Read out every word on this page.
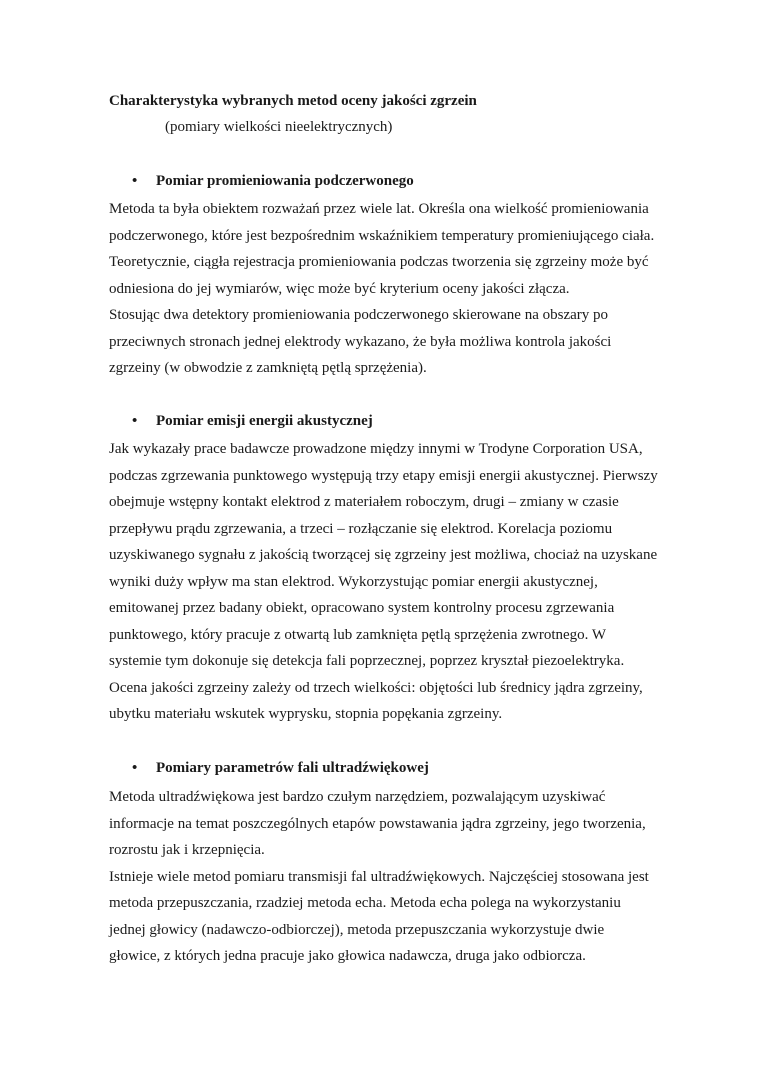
Charakterystyka wybranych metod oceny jakości zgrzein
(pomiary wielkości nieelektrycznych)
• Pomiar promieniowania podczerwonego
Metoda ta była obiektem rozważań przez wiele lat. Określa ona wielkość promieniowania
podczerwonego, które jest bezpośrednim wskaźnikiem temperatury promieniującego ciała.
Teoretycznie, ciągła rejestracja promieniowania podczas tworzenia się zgrzeiny może być
odniesiona do jej wymiarów, więc może być kryterium oceny jakości złącza.
Stosując dwa detektory promieniowania podczerwonego skierowane na obszary po
przeciwnych stronach jednej elektrody wykazano, że była możliwa kontrola jakości
zgrzeiny (w obwodzie z zamkniętą pętlą sprzężenia).
• Pomiar emisji energii akustycznej
Jak wykazały prace badawcze prowadzone między innymi w Trodyne Corporation USA,
podczas zgrzewania punktowego występują trzy etapy emisji energii akustycznej. Pierwszy
obejmuje wstępny kontakt elektrod z materiałem roboczym, drugi – zmiany w czasie
przepływu prądu zgrzewania, a trzeci – rozłączanie się elektrod. Korelacja poziomu
uzyskiwanego sygnału z jakością tworzącej się zgrzeiny jest możliwa, chociaż na uzyskane
wyniki duży wpływ ma stan elektrod. Wykorzystując pomiar energii akustycznej,
emitowanej przez badany obiekt, opracowano system kontrolny procesu zgrzewania
punktowego, który pracuje z otwartą lub zamknięta pętlą sprzężenia zwrotnego. W
systemie tym dokonuje się detekcja fali poprzecznej, poprzez kryształ piezoelektryka.
Ocena jakości zgrzeiny zależy od trzech wielkości: objętości lub średnicy jądra zgrzeiny,
ubytku materiału wskutek wyprysku, stopnia popękania zgrzeiny.
• Pomiary parametrów fali ultradźwiękowej
Metoda ultradźwiękowa jest bardzo czułym narzędziem, pozwalającym uzyskiwać
informacje na temat poszczególnych etapów powstawania jądra zgrzeiny, jego tworzenia,
rozrostu jak i krzepnięcia.
Istnieje wiele metod pomiaru transmisji fal ultradźwiękowych. Najczęściej stosowana jest
metoda przepuszczania, rzadziej metoda echa. Metoda echa polega na wykorzystaniu
jednej głowicy (nadawczo-odbiorczej), metoda przepuszczania wykorzystuje dwie
głowice, z których jedna pracuje jako głowica nadawcza, druga jako odbiorcza.
